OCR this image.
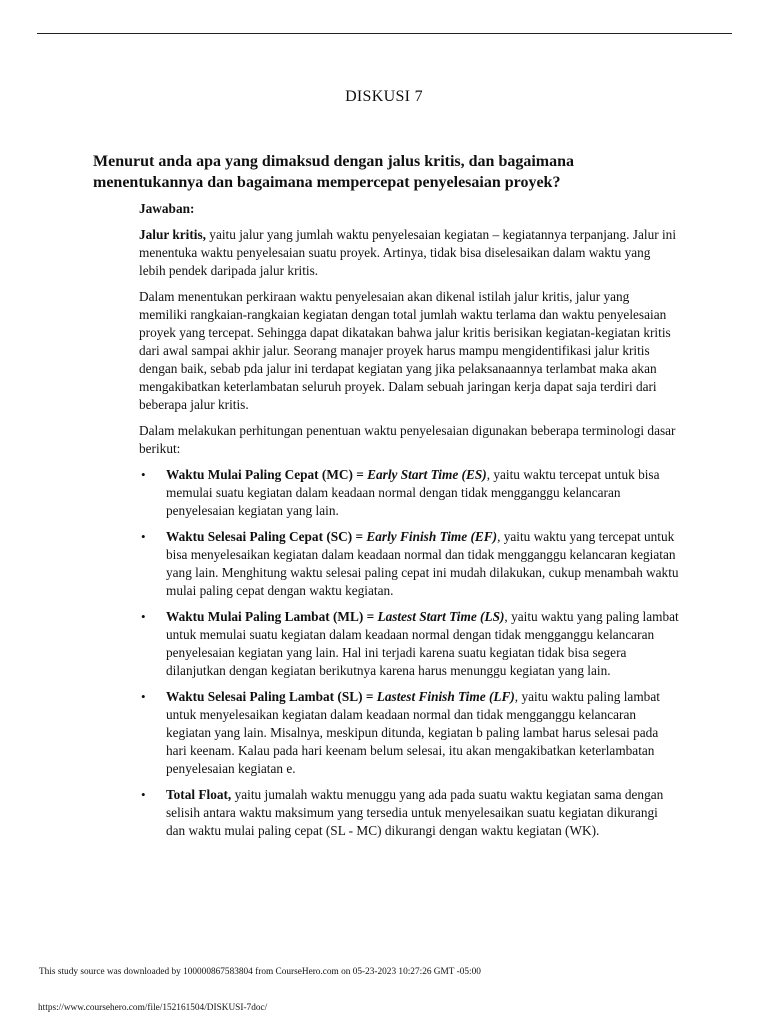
DISKUSI 7
Menurut anda apa yang dimaksud dengan jalus kritis, dan bagaimana menentukannya dan bagaimana mempercepat penyelesaian proyek?

Jawaban:

Jalur kritis, yaitu jalur yang jumlah waktu penyelesaian kegiatan – kegiatannya terpanjang. Jalur ini menentuka waktu penyelesaian suatu proyek. Artinya, tidak bisa diselesaikan dalam waktu yang lebih pendek daripada jalur kritis.

Dalam menentukan perkiraan waktu penyelesaian akan dikenal istilah jalur kritis, jalur yang memiliki rangkaian-rangkaian kegiatan dengan total jumlah waktu terlama dan waktu penyelesaian proyek yang tercepat. Sehingga dapat dikatakan bahwa jalur kritis berisikan kegiatan-kegiatan kritis dari awal sampai akhir jalur. Seorang manajer proyek harus mampu mengidentifikasi jalur kritis dengan baik, sebab pda jalur ini terdapat kegiatan yang jika pelaksanaannya terlambat maka akan mengakibatkan keterlambatan seluruh proyek. Dalam sebuah jaringan kerja dapat saja terdiri dari beberapa jalur kritis.

Dalam melakukan perhitungan penentuan waktu penyelesaian digunakan beberapa terminologi dasar berikut:

• Waktu Mulai Paling Cepat (MC) = Early Start Time (ES), yaitu waktu tercepat untuk bisa memulai suatu kegiatan dalam keadaan normal dengan tidak mengganggu kelancaran penyelesaian kegiatan yang lain.
• Waktu Selesai Paling Cepat (SC) = Early Finish Time (EF), yaitu waktu yang tercepat untuk bisa menyelesaikan kegiatan dalam keadaan normal dan tidak mengganggu kelancaran kegiatan yang lain. Menghitung waktu selesai paling cepat ini mudah dilakukan, cukup menambah waktu mulai paling cepat dengan waktu kegiatan.
• Waktu Mulai Paling Lambat (ML) = Lastest Start Time (LS), yaitu waktu yang paling lambat untuk memulai suatu kegiatan dalam keadaan normal dengan tidak mengganggu kelancaran penyelesaian kegiatan yang lain. Hal ini terjadi karena suatu kegiatan tidak bisa segera dilanjutkan dengan kegiatan berikutnya karena harus menunggu kegiatan yang lain.
• Waktu Selesai Paling Lambat (SL) = Lastest Finish Time (LF), yaitu waktu paling lambat untuk menyelesaikan kegiatan dalam keadaan normal dan tidak mengganggu kelancaran kegiatan yang lain. Misalnya, meskipun ditunda, kegiatan b paling lambat harus selesai pada hari keenam. Kalau pada hari keenam belum selesai, itu akan mengakibatkan keterlambatan penyelesaian kegiatan e.
• Total Float, yaitu jumalah waktu menuggu yang ada pada suatu waktu kegiatan sama dengan selisih antara waktu maksimum yang tersedia untuk menyelesaikan suatu kegiatan dikurangi dan waktu mulai paling cepat (SL - MC) dikurangi dengan waktu kegiatan (WK).
This study source was downloaded by 100000867583804 from CourseHero.com on 05-23-2023 10:27:26 GMT -05:00
https://www.coursehero.com/file/152161504/DISKUSI-7doc/
